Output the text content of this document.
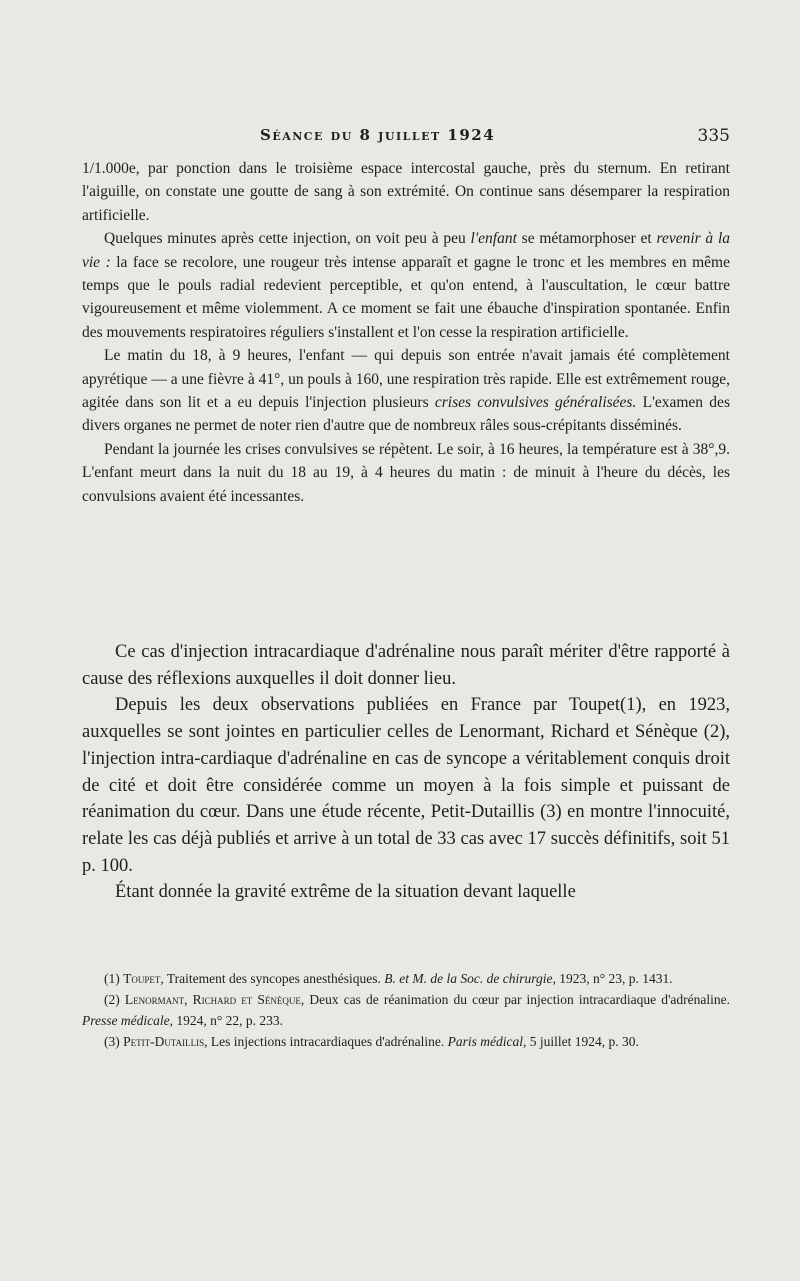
Séance du 8 juillet 1924	335

1/1.000e, par ponction dans le troisième espace intercostal gauche, près du sternum. En retirant l'aiguille, on constate une goutte de sang à son extrémité. On continue sans désemparer la respiration artificielle.

Quelques minutes après cette injection, on voit peu à peu l'enfant se métamorphoser et revenir à la vie : la face se recolore, une rougeur très intense apparaît et gagne le tronc et les membres en même temps que le pouls radial redevient perceptible, et qu'on entend, à l'auscultation, le cœur battre vigoureusement et même violemment. A ce moment se fait une ébauche d'inspiration spontanée. Enfin des mouvements respiratoires réguliers s'installent et l'on cesse la respiration artificielle.

Le matin du 18, à 9 heures, l'enfant — qui depuis son entrée n'avait jamais été complètement apyrétique — a une fièvre à 41°, un pouls à 160, une respiration très rapide. Elle est extrêmement rouge, agitée dans son lit et a eu depuis l'injection plusieurs crises convulsives généralisées. L'examen des divers organes ne permet de noter rien d'autre que de nombreux râles sous-crépitants disséminés.

Pendant la journée les crises convulsives se répètent. Le soir, à 16 heures, la température est à 38°,9. L'enfant meurt dans la nuit du 18 au 19, à 4 heures du matin : de minuit à l'heure du décès, les convulsions avaient été incessantes.

Ce cas d'injection intracardiaque d'adrénaline nous paraît mériter d'être rapporté à cause des réflexions auxquelles il doit donner lieu.

Depuis les deux observations publiées en France par Toupet(1), en 1923, auxquelles se sont jointes en particulier celles de Lenormant, Richard et Sénèque (2), l'injection intra-cardiaque d'adrénaline en cas de syncope a véritablement conquis droit de cité et doit être considérée comme un moyen à la fois simple et puissant de réanimation du cœur. Dans une étude récente, Petit-Dutaillis (3) en montre l'innocuité, relate les cas déjà publiés et arrive à un total de 33 cas avec 17 succès définitifs, soit 51 p. 100.

Étant donnée la gravité extrême de la situation devant laquelle

(1) Toupet, Traitement des syncopes anesthésiques. B. et M. de la Soc. de chirurgie, 1923, n° 23, p. 1431.

(2) Lenormant, Richard et Sénèque, Deux cas de réanimation du cœur par injection intracardiaque d'adrénaline. Presse médicale, 1924, n° 22, p. 233.

(3) Petit-Dutaillis, Les injections intracardiaques d'adrénaline. Paris médical, 5 juillet 1924, p. 30.
